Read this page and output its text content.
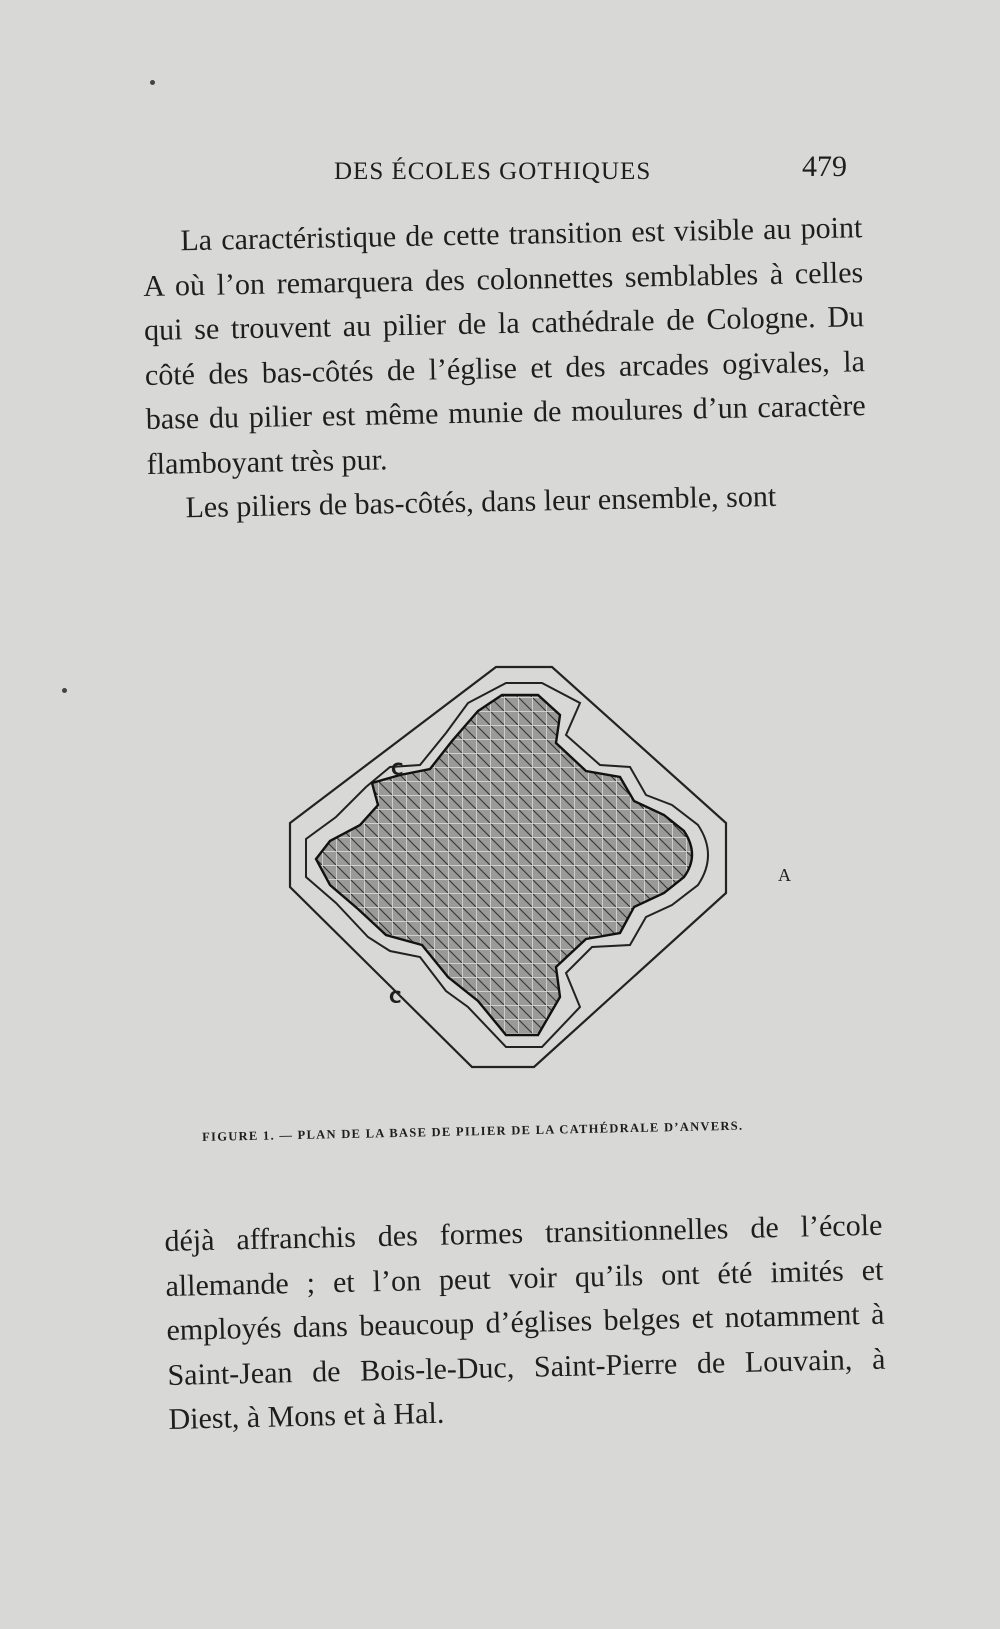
DES ÉCOLES GOTHIQUES	479

La caractéristique de cette transition est visible au point A où l’on remarquera des colonnettes semblables à celles qui se trouvent au pilier de la cathédrale de Cologne. Du côté des bas-côtés de l’église et des arcades ogivales, la base du pilier est même munie de moulures d’un caractère flamboyant très pur.

Les piliers de bas-côtés, dans leur ensemble, sont

C
C
A
FIGURE 1. — PLAN DE LA BASE DE PILIER DE LA CATHÉDRALE D’ANVERS.

déjà affranchis des formes transitionnelles de l’école allemande ; et l’on peut voir qu’ils ont été imités et employés dans beaucoup d’églises belges et notamment à Saint-Jean de Bois-le-Duc, Saint-Pierre de Louvain, à Diest, à Mons et à Hal.
